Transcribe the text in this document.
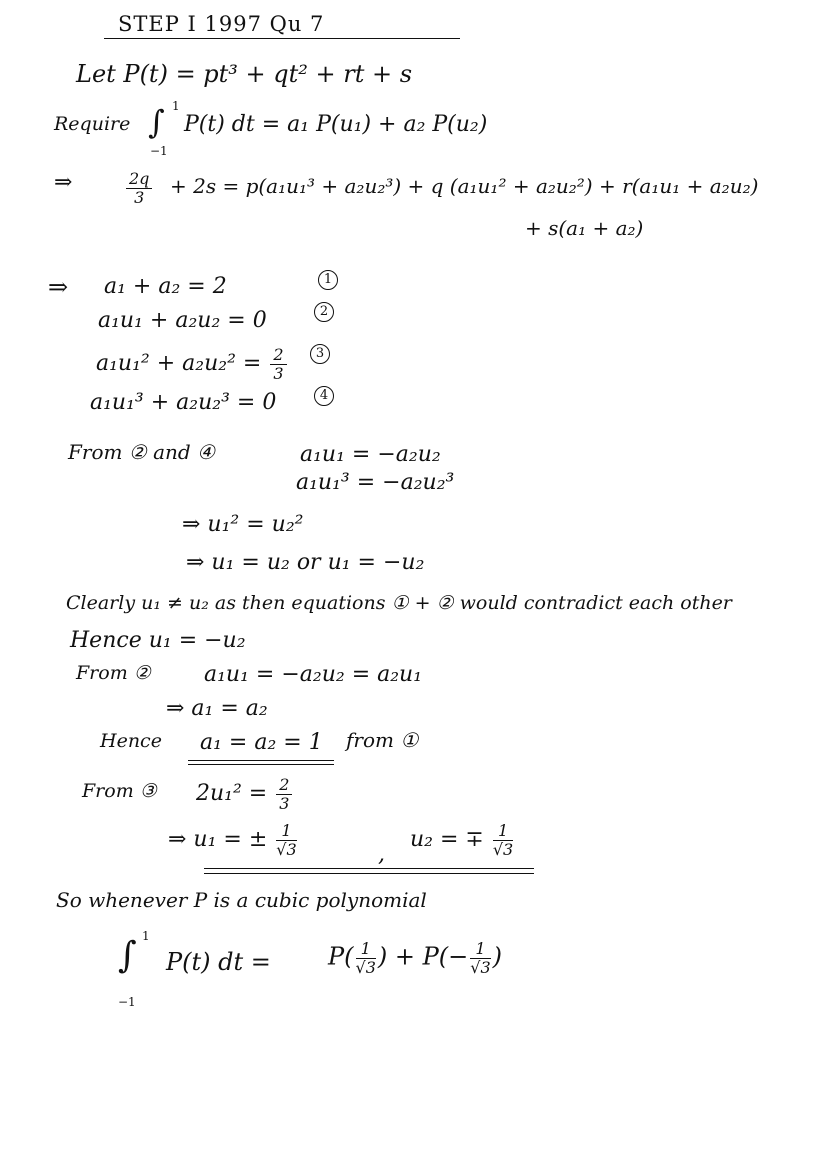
STEP I 1997 Qu 7
Let P(t) = pt³ + qt² + rt + s
Require ∫ 1
−1
P(t) dt = a₁ P(u₁) + a₂ P(u₂)
⇒	$\frac{2q}{3} + 2s = p(a_1u_1^3 + a_2u_2^3) + q$ (a₁u₁² + a₂u₂²) + r(a₁u₁ + a₂u₂)
+ s(a₁ + a₂)
⇒ a₁ + a₂ = 2	1
a₁u₁ + a₂u₂ = 0	2
$a_1u_1^2 + a_2u_2^2 = \frac{2}{3}$	3
a₁u₁³ + a₂u₂³ = 0	4
From ② and ④	a₁u₁ = −a₂u₂
a₁u₁³ = −a₂u₂³
⇒ u₁² = u₂²
⇒ u₁ = u₂ or u₁ = −u₂
Clearly u₁ ≠ u₂ as then equations ① + ② would contradict each other
Hence u₁ = −u₂
From ② a₁u₁ = −a₂u₂ = a₂u₁
⇒ a₁ = a₂
Hence a₁ = a₂ = 1 from ①
From ③ $2u_1^2 = \frac{2}{3}$
⇒ u₁ = ± $\frac{1}{√3}$	,
u₂ = ∓ $\frac{1}{√3}$
So whenever P is a cubic polynomial
∫ 1
−1
P(t) dt = $P( \frac{1}{√3}$ ) + $P(- \frac{1}{√3}$ )
